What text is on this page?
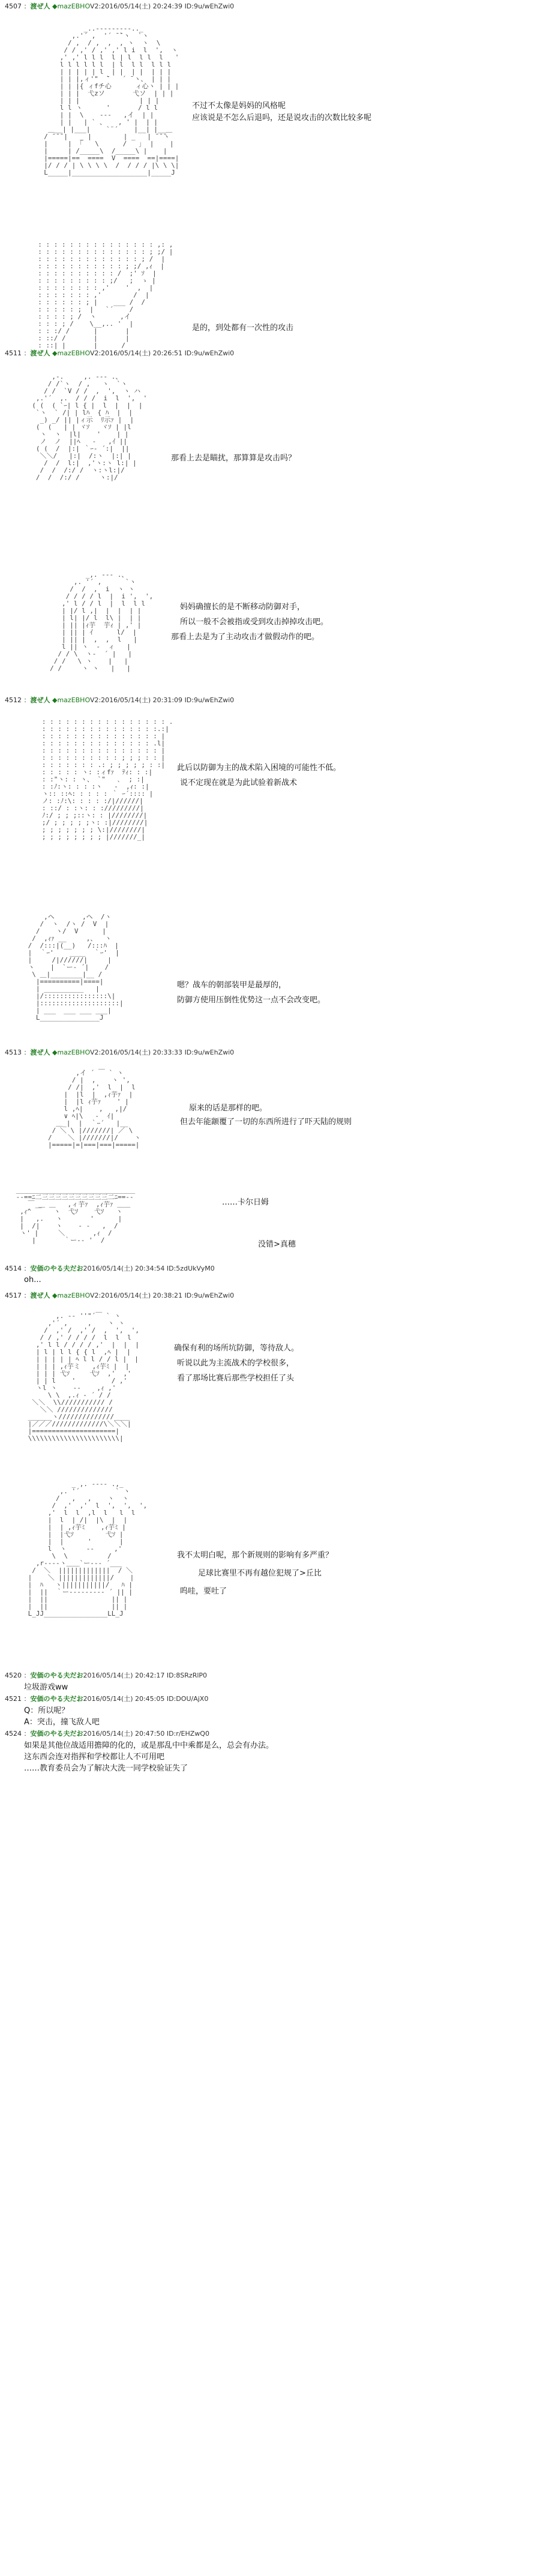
4507 ：渡ぜ人 ◆mazEBHOV2:2016/05/14(土) 20:24:39 ID:9u/wEhZwi0

_..--‐‐‐‐‐--.._
,.'´ ,  '´ ̄ ̄`ヽ  `ヽ
/ ,  / ,  ,  , ヽ  ヽ  \
/ / ,' / ,' ,' l i  l  ',  ヽ
,' ,' l l l  l | l  l l  l   '
l l l l l l  | l  l l  l l l
| | | | | l  | |  | |  | | |
| | |,ィ'"  ̄`   ´ ̄ ヽ、 | | |
| | |{ ィfチ心      ィ心ヽ | | |
| | |  弋zソ       弋ソ  | | |
| | |               | | |
l l ヽ      '       / l l
| |  \    ‐‐‐   ,イ  | |
| |   | ` 、   , ' |  | |
＿__| |___|    `¨´    |__| |__＿
/ ̄ ̄ ̄ |   _ |        | _   | ̄ ̄ ̄ヽ
|     |  ｢   \      /   ｣  |    |
|     | /_____\  /_____\ |    |
|=====|==  ====  V  ====  ==|====|
|/ / / | \ \ \ \  /  / / / |\ \ \|
L_____|___________________|_____J

不过不太像是妈妈的风格呢
应该说是不怎么后退吗，还是说攻击的次数比较多呢

: : : : : : : : : : : : : : : ,: ,
: : : : : : : : : : : : : : ; ;/ |
: : : : : : : : : : : : : ; /  |
: : : : : : : : : : : ; ;/ ,ｨ  |
: : : : : : : : : : /  ;' ｿ  |
: : : : : : : : : ;/   ;  ゝ |
: : : : : : : : ,'    '  ,  |
: : : : : : : ,'        /  |
: : : : : : ; |    ___ /  /
: : : : : ;  |   `´    /
: : : : ; /  ヽ      ,イ
: : : ; /    \__,.. '  |
: : :/ /      |       |
: ::/ /       |       |
: ::| |       |      /

是的，到处都有一次性的攻击
4511 ：渡ぜ人 ◆mazEBHOV2:2016/05/14(土) 20:26:51 ID:9u/wEhZwi0

,-.     ,. -‐- .、
/ /`ヽ  / ,   ヽ  `ヽ
/ /  `V / /  ,  ',  ヽ ハ
,.'´  ,.  / / /  i  l  ',  '
( (  ( `ｰ| l { |  l  |  |  |
`ヽ  ` /| | lﾊ  { ﾊ  |  |
_) _/ || |ィ示  ﾘ示ｧ |  |
(  (   | | ヾｿ   ヾｿ | |l
ヽ  ヽ  |l|    '    | |
ノ  ノ  ||ﾍ   ‐   ,ｲ ||
( (  /  |:| ｀ｰ‐ ´:|  ||
＼＼/   |:|  /:ヽ  |:| |
/  /  l:|  ,'ヽ:ヽ l:| |
/  /  /:/ /  ヽ:ヽl:|/
/  /  /:/ /     ヽ:|/

那看上去是瞄扰，那算算是攻击吗？

_,. -‐‐ .、
,. '´ ,      `ヽ
/  /  ,  i  ヽ ヽ
/ / / / l  |  i ',  ',
,' l / / l  |  l  l l
| |/ l ,|  |  |  | |
| l| |/ l  l\ |  | |
| || |ｨ芋  芋ｨ | ,' |
| || | ｲ      l/  |
| || |  ,  ,  l   |
l || ヽ  ‐  ィ   |
/ / \  ヽ‐  ´ |   |
/ /   \ ヽ    |   |
/ /     ヽ ヽ   |   |

妈妈确擅长的是不断移动防御对手，
所以一般不会被指或受到攻击掉掉攻击吧。
那看上去是为了主动攻击才做假动作的吧。
4512 ：渡ぜ人 ◆mazEBHOV2:2016/05/14(土) 20:31:09 ID:9u/wEhZwi0

: : : : : : : : : : : : : : : : .
: : : : : : : : : : : : : : :.:|
: : : : : : : : : : : : : : : |
: : : : : : : : : : : : : : .l|
: : : : : : : : : : : : : : : |
: : : : : : : : : : ; ; ; : : |
: : : : : : : .: ; ; ; ; ; : :|
: : : : : ヽ: :ィfｧ  ﾃｨ: : :|
: :"ヽ: : ヽ、 `"   ､  ; :|
: :ﾉ:ヽ: : : :ヽ   -  ,ｨ: :|
ヽ:: ::ﾍ: : : : : ｀ ｰ´:::: |
ノ: :ﾉ:\: : : : :/|//////|
: ::/ : :ヽ: : ://///////|
ﾉ:/ ; ; ;::ヽ: : |////////|
;/ ; ; ; ; ;ヽ: :|////////|
; ; ; ; ; ; ; \:|////////|
; ; ; ; ; ; ; ; |///////_|

此后以防御为主的战术陷入困境的可能性不低。
说不定现在就是为此试验着新战术

,ヘ       ,ヘ  /ヽ
/  ヽ  /ヽ /  V  |
/    ヽ/  V      |
/  ,ｨｧ __     ,、  ヽ
/  /:::|(__)   /:::ﾊ  |
|  ｀ｰ'    ____  ｀ｰ'  |
|     /|//////|     |
ヽ    |  `ー‐ ´|    /
\ ＿|________|__ /
|==========|====|
| __________   |
|/::::::::::::::::\|
|::::::::::::::::::::|
| ___  ___ ___ ___|
L_______________J

嗯？战车的朝部装甲是最厚的，
防御方使用压倒性优势这一点不会改变吧。
4513 ：渡ぜ人 ◆mazEBHOV2:2016/05/14(土) 20:33:33 ID:9u/wEhZwi0

,イ ´ ￣ ` ヽ
/ |  ,    ヽ ',
/ /|  ,'  l  |  l
|  |l  |  ,ｨ芋ｧ  |
|  |l ｨ芋ｧ    ' |
l ,ﾍ|    ,   ,|/
∨ ﾍ|\   ‐  ｲ|
＿_|  |  ｀ｰ´   |__
/ ＼ \ |///////| ／ \
/    ＼ |///////|/    ヽ
|=====|=|===|===|=====|

原来的话是那样的吧。
但去年能颛覆了一切的东西所进行了吓天陆的规则

______________________________
‐‐==ﾆ二三三三三三三三三三三二ﾆ==‐‐
￣ ＿ ＿   ,ィ芋ｧ  ,ｨ芋ｧ ＿＿
,ｨ^ ￣   ヽ  弋ｿ    弋ｿ   ヽ
|   ,.   ヽ       '      |
|  /|    ヽ    ‐ ‐   ,  /
ヽ' |     ＼       ,ｨ  /
|       ｀ー‐‐ '  /

……卡尔日姆
没错>真穗
4514 ：安価のやる夫だお2016/05/14(土) 20:34:54 ID:5zdUkVyM0
oh...
4517 ：渡ぜ人 ◆mazEBHOV2:2016/05/14(土) 20:38:21 ID:9u/wEhZwi0

,. -‐ ''"´￣ ` ヽ
,'´ ,     ,    ヽ ヽ
/  ,' /  ,' /  ,  ',  ',
/ / ,' / / / /  l  l  l
,' l l / / / / ,'  |  |  |
| l | l l { { l  ,ﾍ |  |
| | | | | ﾍ l l / / l |  |
| | | ,ｨ芋ミ   ,ｨ芋ﾐ |  |
| | | 弋ｿ     弋ｿ  ,'  ,'
| | l    '         / ,'
ヽl ヽ    ‐‐    ,ｨ ,'
\ \  ,.ｨ ‐ ´ / /
＼＼  \\/////////// /
＼＼ //////////////
______ヽ//////////////____
|／／／/////////////\＼＼＼|
|=====================|
\\\\\\\\\\\\\\\\\\\\\\\|

确保有利的场所坑防御，等待敌人。
听说以此为主流战术的学校很多，
看了那场比赛后那些学校担任了头

_ ,. -‐‐- .,_
,. '´         ` ヽ
/   ,   ,    ヽ  ヽ
/  ,'  ,'  l  ',  ',  ',
,'  l  l  ,l  l   l  l
|  l  | /|  |\  |  |
|  | ,ｨ芋ﾐ    ,ｨ芋ﾐ |
|  |弋ｿ        弋ｿ |
|  |      '       |
l  ヽ     ‐‐     ,'
\  \          /
,r‐‐--ヽ＿＿`ー--‐ ´___
/  ＼  |||||||||||||  / ＼
|    ＼ |||||||||||||/    |
|  ﾊ   ヽ|||||||||||/   ﾊ |
|  ||  ｀ー--‐‐‐-‐‐‐ ´ || |
|  ||                || |
|  ||                || |
L_JJ________________LL_J

我不太明白呢，那个新规则的影响有多严重？
足球比赛里不再有越位犯规了>丘比
呜哇，要吐了
4520 ：安価のやる夫だお2016/05/14(土) 20:42:17 ID:8SRzRlP0
垃圾游戏ww
4521 ：安価のやる夫だお2016/05/14(土) 20:45:05 ID:DOU/AjX0
Q：所以呢？
A：突击，撞飞敌人吧
4524 ：安価のやる夫だお2016/05/14(土) 20:47:50 ID:r/EHZwQ0
如果是其他位战适用擔障的化的，或是那乱中中乘都是么，总会有办法。
这东西会连对指挥和学校都让人不可用吧
……教育委员会为了解决大洗一同学校验证失了
